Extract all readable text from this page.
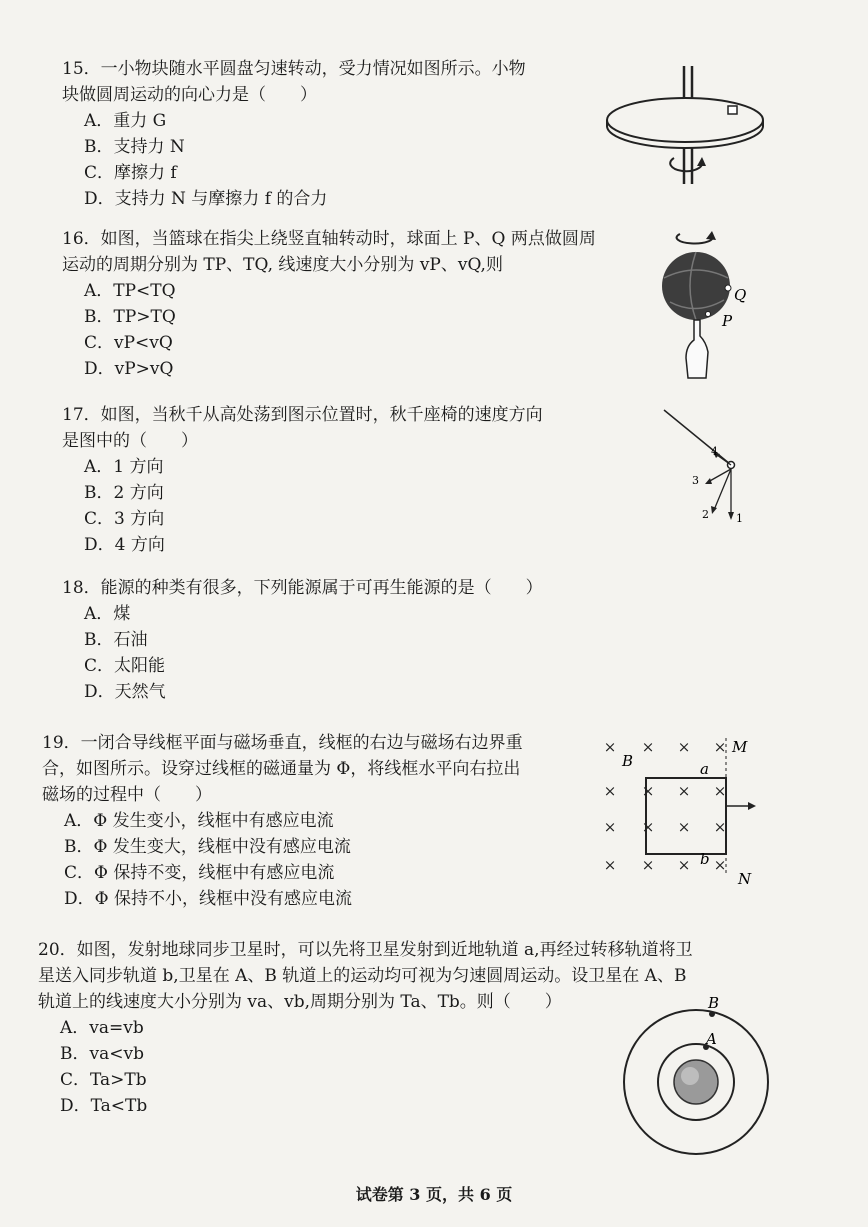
15．一小物块随水平圆盘匀速转动，受力情况如图所示。小物
块做圆周运动的向心力是（　　）
A．重力 G
B．支持力 N
C．摩擦力 f
D．支持力 N 与摩擦力 f 的合力
16．如图，当篮球在指尖上绕竖直轴转动时，球面上 P、Q 两点做圆周
运动的周期分别为 TP、TQ, 线速度大小分别为 vP、vQ,则
A．TP<TQ
B．TP>TQ
C．vP<vQ
D．vP>vQ
Q
P
17．如图，当秋千从高处荡到图示位置时，秋千座椅的速度方向
是图中的（　　）
A．1 方向
B．2 方向
C．3 方向
D．4 方向
1
2
3
4
18．能源的种类有很多，下列能源属于可再生能源的是（　　）
A．煤
B．石油
C．太阳能
D．天然气
19．一闭合导线框平面与磁场垂直，线框的右边与磁场右边界重
合，如图所示。设穿过线框的磁通量为 Φ，将线框水平向右拉出
磁场的过程中（　　）
A．Φ 发生变小，线框中有感应电流
B．Φ 发生变大，线框中没有感应电流
C．Φ 保持不变，线框中有感应电流
D．Φ 保持不小，线框中没有感应电流
× × × ×
× × × ×
× × × ×
× × × ×
B
M
N
a
b
20．如图，发射地球同步卫星时，可以先将卫星发射到近地轨道 a,再经过转移轨道将卫
星送入同步轨道 b,卫星在 A、B 轨道上的运动均可视为匀速圆周运动。设卫星在 A、B
轨道上的线速度大小分别为 va、vb,周期分别为 Ta、Tb。则（　　）
A．va=vb
B．va<vb
C．Ta>Tb
D．Ta<Tb
B
A
试卷第 3 页，共 6 页
